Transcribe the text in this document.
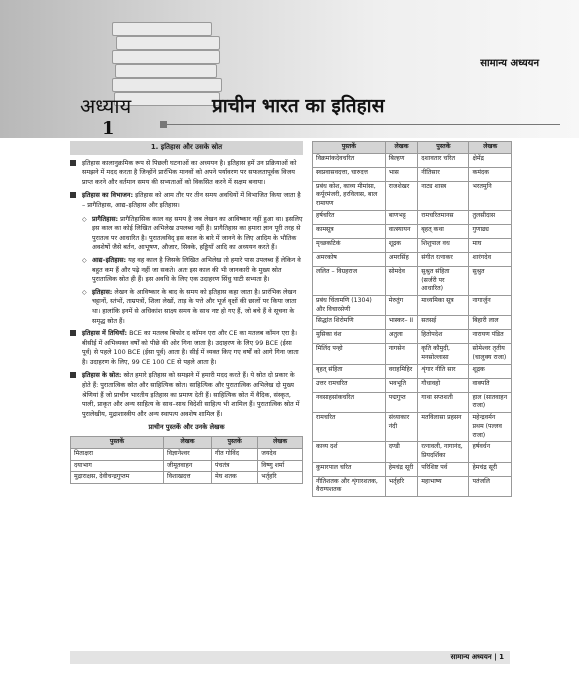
सामान्य अध्ययन
अध्याय
1
प्राचीन भारत का इतिहास
1. इतिहास और उसके स्रोत
इतिहास कालानुक्रमिक रूप से पिछली घटनाओं का अध्ययन है। इतिहास हमें उन प्रक्रियाओं को समझने में मदद करता है जिन्होंने प्रारंभिक मानवों को अपने पर्यावरण पर सफलतापूर्वक विजय प्राप्त करने और वर्तमान समय की सभ्यताओं को विकसित करने में सक्षम बनाया।
इतिहास का विभाजन: इतिहास को आम तौर पर तीन समय अवधियों में विभाजित किया जाता है – प्रागैतिहास, आद्य–इतिहास और इतिहास।
◇ प्रागैतिहास: प्रागैतिहासिक काल वह समय है जब लेखन का आविष्कार नहीं हुआ था। इसलिए इस काल का कोई लिखित अभिलेख उपलब्ध नहीं है। प्रागैतिहास का हमारा ज्ञान पूरी तरह से पुरातत्व पर आधारित है। पुरातत्वविद् इस काल के बारे में जानने के लिए आदिम के भौतिक अवशेषों जैसे बर्तन, आभूषण, औजार, सिक्के, हड्डियाँ आदि का अध्ययन करते हैं।
◇ आद्य–इतिहास: यह वह काल है जिसके लिखित अभिलेख तो हमारे पास उपलब्ध हैं लेकिन वे बहुत कम हैं और पढ़े नहीं जा सकते। अतः इस काल की भी जानकारी के मुख्य स्रोत पुरातात्विक स्रोत ही हैं। इस अवधि के लिए एक उदाहरण सिंधु घाटी सभ्यता है।
◇ इतिहास: लेखन के आविष्कार के बाद के समय को इतिहास कहा जाता है। प्रारंभिक लेखन चट्टानों, स्तंभों, ताम्रपत्रों, शिला लेखों, ताड़ के पत्ते और भूर्ज वृक्षों की छालों पर किया जाता था। हालांकि इनमें से अधिकांश साक्ष्य समय के साथ नष्ट हो गए हैं, जो बचे हैं वे सूचना के समृद्ध स्रोत हैं।
इतिहास में तिथियाँ: BCE का मतलब बिफोर द कॉमन एरा और CE का मतलब कॉमन एरा है। बीसीई में अभिव्यक्त वर्षों को पीछे की ओर गिना जाता है। उदाहरण के लिए 99 BCE (ईसा पूर्व) से पहले 100 BCE (ईसा पूर्व) आता है। सीई में व्यक्त किए गए वर्षों को आगे गिना जाता है। उदाहरण के लिए, 99 CE 100 CE से पहले आता है।
इतिहास के स्रोत: स्रोत हमारे इतिहास को समझने में हमारी मदद करते हैं। ये स्रोत दो प्रकार के होते हैं: पुरातात्विक स्रोत और साहित्यिक स्रोत। साहित्यिक और पुरातात्विक अभिलेख दो मुख्य श्रेणियां हैं जो प्राचीन भारतीय इतिहास का प्रमाण देती हैं। साहित्यिक स्रोत में वैदिक, संस्कृत, पाली, प्राकृत और अन्य साहित्य के साथ–साथ विदेशी साहित्य भी शामिल हैं। पुरातात्विक स्रोत में पुरालेखीय, मुद्राशास्त्रीय और अन्य स्थापत्य अवशेष शामिल हैं।
प्राचीन पुस्तकें और उनके लेखक
पुस्तकें	लेखक	पुस्तकें	लेखक
मिताक्षरा	विज्ञानेश्वर	गीत गोविंद	जयदेव
दयाभाग	जीमूतवाहन	पंचतंत्र	विष्णु शर्मा
मुद्राराक्षस, देवीचन्द्रगुप्तम	विशाखदत्त	मेघ शतक	भर्तृहरि
पुस्तकें	लेखक	पुस्तकें	लेखक
विक्रमांकदेवचरित	बिल्हण	दशावतार चरित	क्षेमेंद्र
स्वप्नवासवदत्ता, चारुदत्त	भास	नीतिसार	कमंदक
प्रबंध कोश, काव्य मीमांसा, कर्पूरमंजरी, हरविलास, बाल रामायण	राजशेखर	नाट्य शास्त्र	भरतमुनि
हर्षचरित	बाणभट्ट	रामचरितमानस	तुलसीदास
कामसूत्र	वात्स्यायन	बृहत् कथा	गुणाढ्य
मृच्छकटिकं	शूद्रक	शिशुपाल वध	माघ
अमरकोष	अमरसिंह	संगीत रत्नाकर	शारंगदेव
ललित – विग्रहराज	सोमदेव	सुश्रुत संहिता (सर्जरी पर आधारित)	सुश्रुत
प्रबंध चिंतामणि (1304) और विचारसेणी	मेरुतुंग	माध्यमिका सूत्र	नागार्जुन
सिद्धांत शिरोमणि	भास्कर– II	सतसई	बिहारी लाल
मुसिका वंश	अतुला	हितोपदेश	नारायण पंडित
मिलिंद पन्हो	नागसेन	कृति कौमुदी, मनसोल्लासा	सोमेश्वर तृतीय (चालुक्य राजा)
बृहत् संहिता	वराहमिहिर	शृंगार नीति सार	शूद्रक
उत्तर रामचरित	भवभूति	गौधावहो	वाक्पति
नवसाहसांकचरित	पद्मगुप्त	गाथा सप्तशती	हाल (सातवाहन राजा)
रामचरित	संध्याकार नंदी	मतविलासा प्रहसन	महेन्द्रवर्मन प्रथम (पल्लव राजा)
काव्य दर्श	दण्डी	रत्नावली, नागानंद, प्रियदर्शिका	हर्षवर्धन
कुमारपाल चरित	हेमचंद्र सूरी	परिशिष्ट पर्व	हेमचंद्र सूरी
नीतिशतक और शृंगारशतक, वैराग्यशतक	भर्तृहरि	महाभाष्य	पतंजलि
सामान्य अध्ययन | 1
